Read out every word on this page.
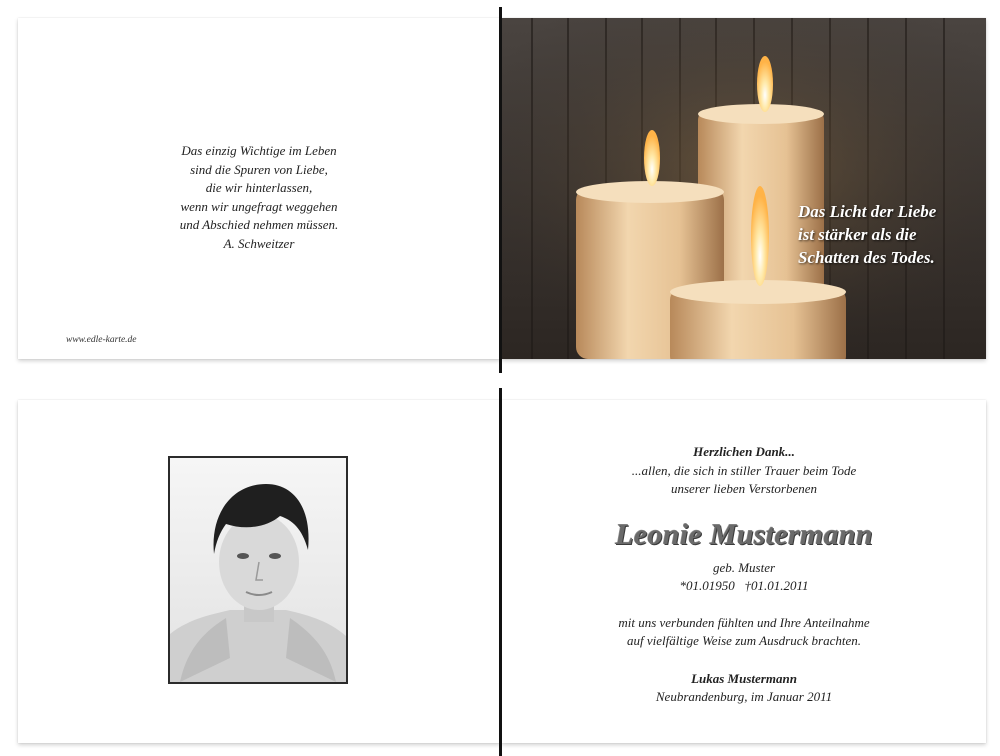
Das einzig Wichtige im Leben
sind die Spuren von Liebe,
die wir hinterlassen,
wenn wir ungefragt weggehen
und Abschied nehmen müssen.
A. Schweitzer
www.edle-karte.de
Das Licht der Liebe
ist stärker als die
Schatten des Todes.
Herzlichen Dank...
...allen, die sich in stiller Trauer beim Tode
unserer lieben Verstorbenen
Leonie Mustermann
geb. Muster
*01.01950   †01.01.2011
mit uns verbunden fühlten und Ihre Anteilnahme
auf vielfältige Weise zum Ausdruck brachten.
Lukas Mustermann
Neubrandenburg, im Januar 2011
